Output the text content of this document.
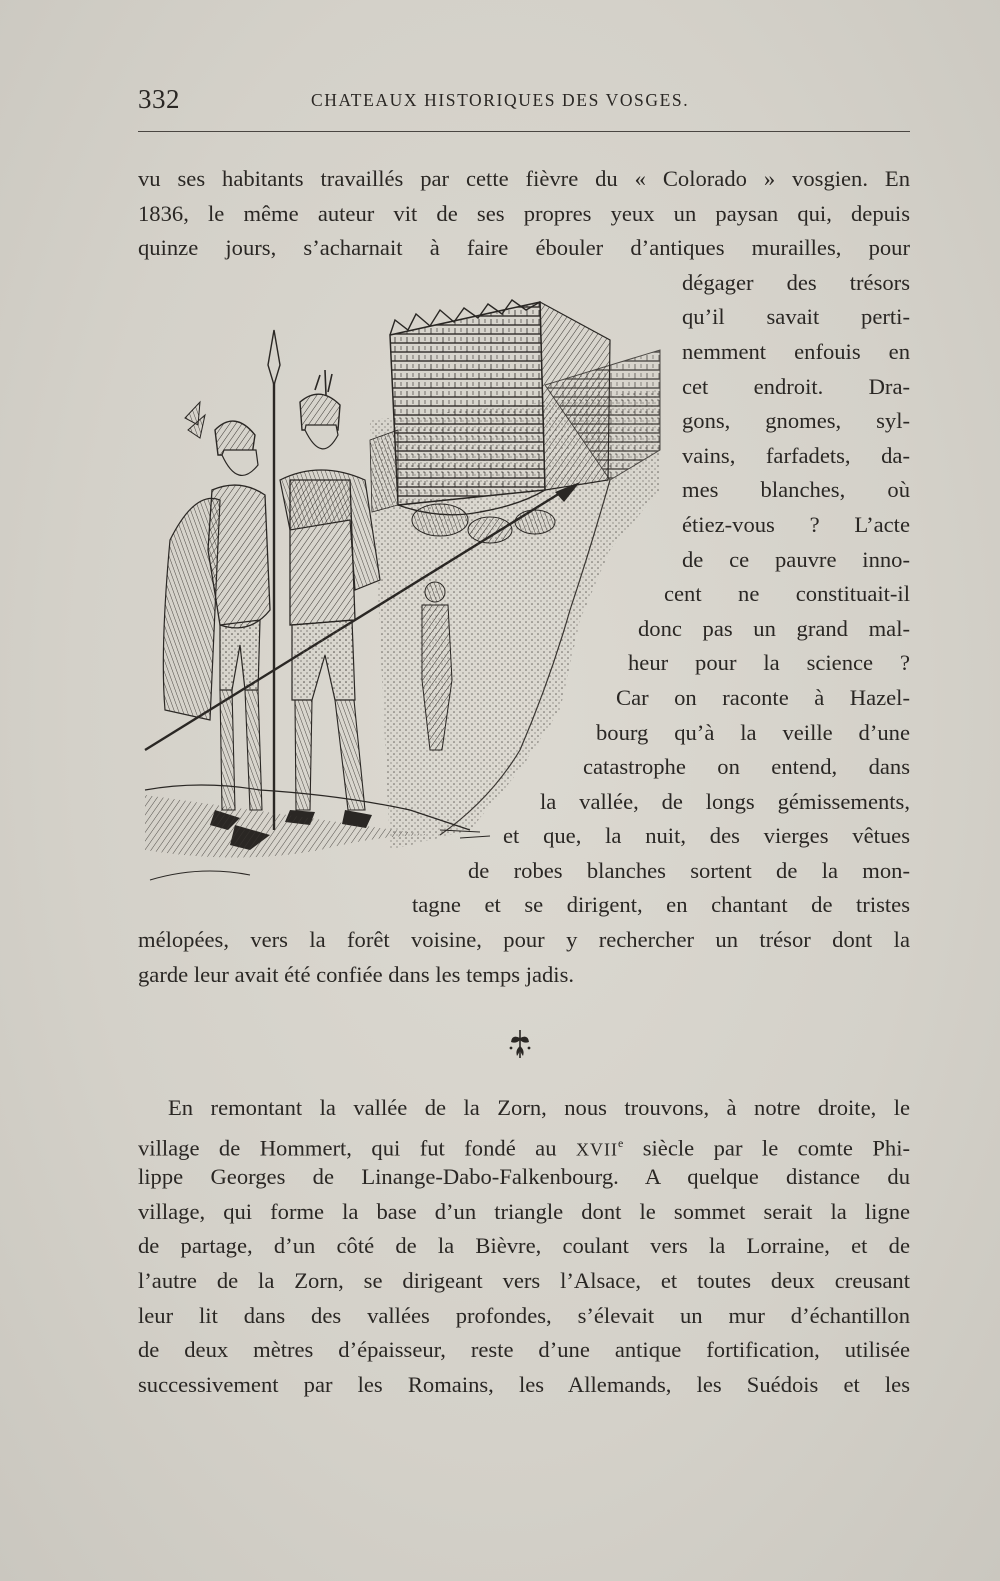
332	CHATEAUX HISTORIQUES DES VOSGES.
vu ses habitants travaillés par cette fièvre du « Colorado » vosgien. En
1836, le même auteur vit de ses propres yeux un paysan qui, depuis
quinze jours, s’acharnait à faire ébouler d’antiques murailles, pour
dégager des trésors
qu’il savait perti-
nemment enfouis en
cet endroit. Dra-
gons, gnomes, syl-
vains, farfadets, da-
mes blanches, où
étiez-vous ? L’acte
de ce pauvre inno-
cent ne constituait-il
donc pas un grand mal-
heur pour la science ?
Car on raconte à Hazel-
bourg qu’à la veille d’une
catastrophe on entend, dans
la vallée, de longs gémissements,
et que, la nuit, des vierges vêtues
de robes blanches sortent de la mon-
tagne et se dirigent, en chantant de tristes
mélopées, vers la forêt voisine, pour y rechercher un trésor dont la
garde leur avait été confiée dans les temps jadis.
En remontant la vallée de la Zorn, nous trouvons, à notre droite, le
village de Hommert, qui fut fondé au XVIIe siècle par le comte Phi-
lippe Georges de Linange-Dabo-Falkenbourg. A quelque distance du
village, qui forme la base d’un triangle dont le sommet serait la ligne
de partage, d’un côté de la Bièvre, coulant vers la Lorraine, et de
l’autre de la Zorn, se dirigeant vers l’Alsace, et toutes deux creusant
leur lit dans des vallées profondes, s’élevait un mur d’échantillon
de deux mètres d’épaisseur, reste d’une antique fortification, utilisée
successivement par les Romains, les Allemands, les Suédois et les
